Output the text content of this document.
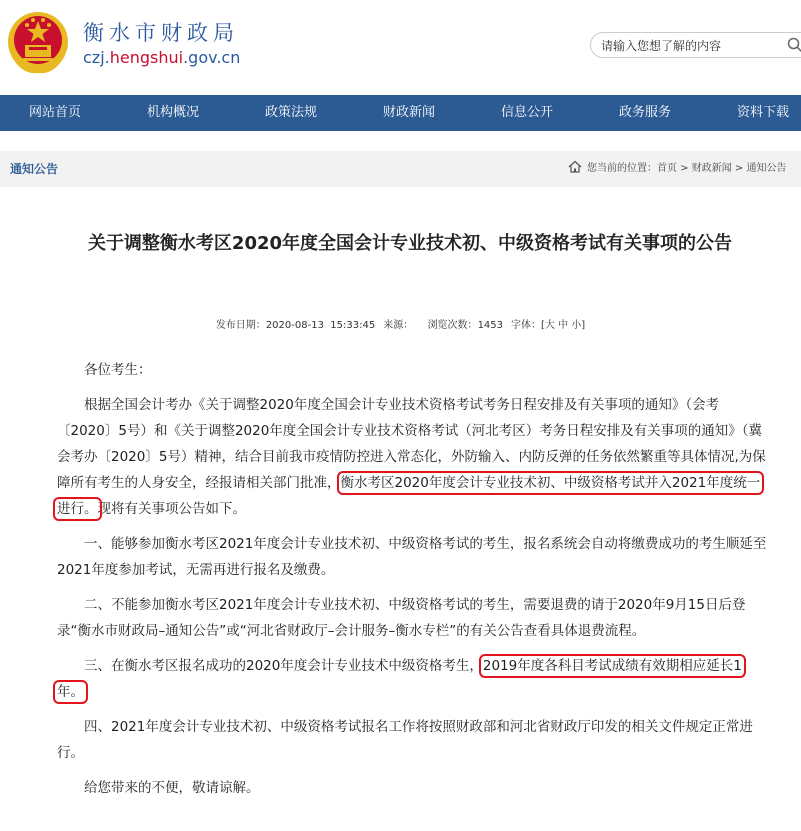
衡水市财政局
czj.hengshui.gov.cn
请输入您想了解的内容
网站首页	机构概况	政策法规	财政新闻	信息公开	政务服务	资料下载
通知公告	您当前的位置：首页 > 财政新闻 > 通知公告
关于调整衡水考区2020年度全国会计专业技术初、中级资格考试有关事项的公告
发布日期：2020-08-13  15:33:45 来源： 浏览次数：1453 字体：[大 中 小]

各位考生：

根据全国会计考办《关于调整2020年度全国会计专业技术资格考试考务日程安排及有关事项的通知》（会考〔2020〕5号）和《关于调整2020年度全国会计专业技术资格考试（河北考区）考务日程安排及有关事项的通知》（冀会考办〔2020〕5号）精神，结合目前我市疫情防控进入常态化，外防输入、内防反弹的任务依然繁重等具体情况,为保障所有考生的人身安全，经报请相关部门批准，衡水考区2020年度会计专业技术初、中级资格考试并入2021年度统一进行。现将有关事项公告如下。

一、能够参加衡水考区2021年度会计专业技术初、中级资格考试的考生，报名系统会自动将缴费成功的考生顺延至2021年度参加考试，无需再进行报名及缴费。

二、不能参加衡水考区2021年度会计专业技术初、中级资格考试的考生，需要退费的请于2020年9月15日后登录“衡水市财政局–通知公告”或“河北省财政厅–会计服务–衡水专栏”的有关公告查看具体退费流程。

三、在衡水考区报名成功的2020年度会计专业技术中级资格考生，2019年度各科目考试成绩有效期相应延长1年。

四、2021年度会计专业技术初、中级资格考试报名工作将按照财政部和河北省财政厅印发的相关文件规定正常进行。

给您带来的不便，敬请谅解。
